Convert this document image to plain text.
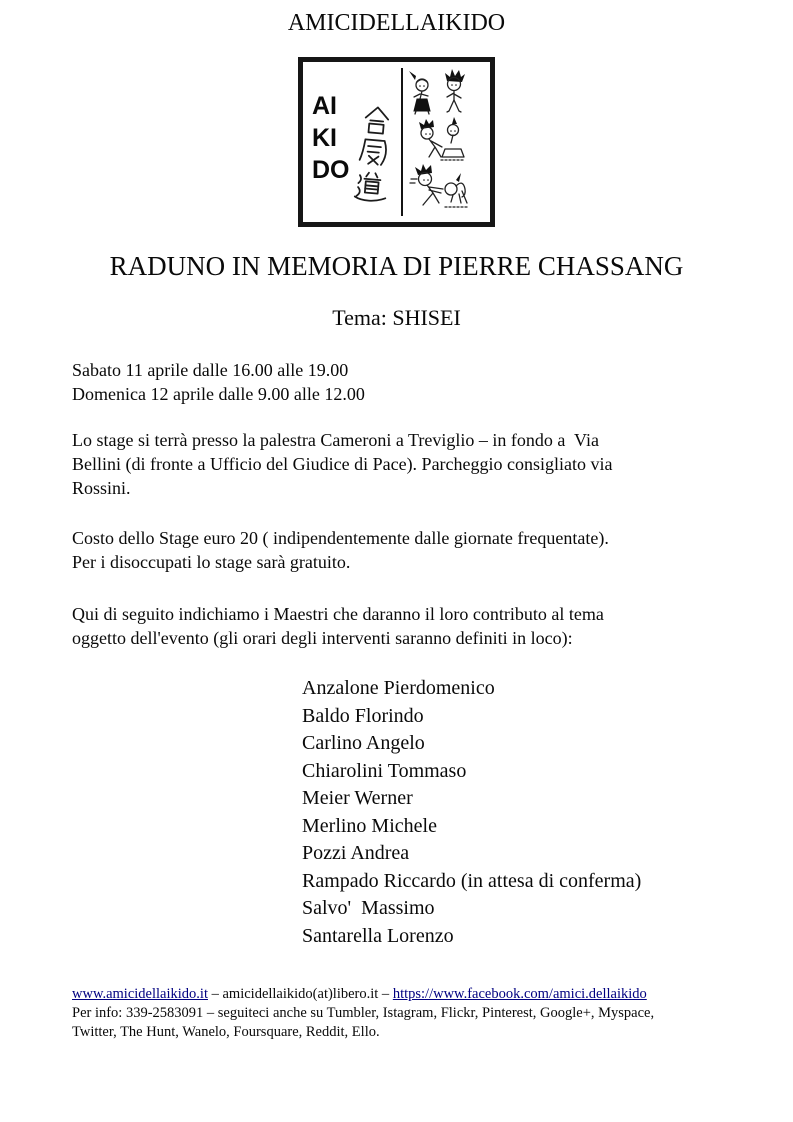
AMICIDELLAIKIDO
AI
KI
DO
RADUNO IN MEMORIA DI PIERRE CHASSANG
Tema: SHISEI
Sabato 11 aprile dalle 16.00 alle 19.00
Domenica 12 aprile dalle 9.00 alle 12.00
Lo stage si terrà presso la palestra Cameroni a Treviglio – in fondo a  Via
Bellini (di fronte a Ufficio del Giudice di Pace). Parcheggio consigliato via
Rossini.
Costo dello Stage euro 20 ( indipendentemente dalle giornate frequentate).
Per i disoccupati lo stage sarà gratuito.
Qui di seguito indichiamo i Maestri che daranno il loro contributo al tema
oggetto dell'evento (gli orari degli interventi saranno definiti in loco):
Anzalone Pierdomenico
Baldo Florindo
Carlino Angelo
Chiarolini Tommaso
Meier Werner
Merlino Michele
Pozzi Andrea
Rampado Riccardo (in attesa di conferma)
Salvo'  Massimo
Santarella Lorenzo
www.amicidellaikido.it – amicidellaikido(at)libero.it – https://www.facebook.com/amici.dellaikido
Per info: 339-2583091 – seguiteci anche su Tumbler, Istagram, Flickr, Pinterest, Google+, Myspace,
Twitter, The Hunt, Wanelo, Foursquare, Reddit, Ello.
